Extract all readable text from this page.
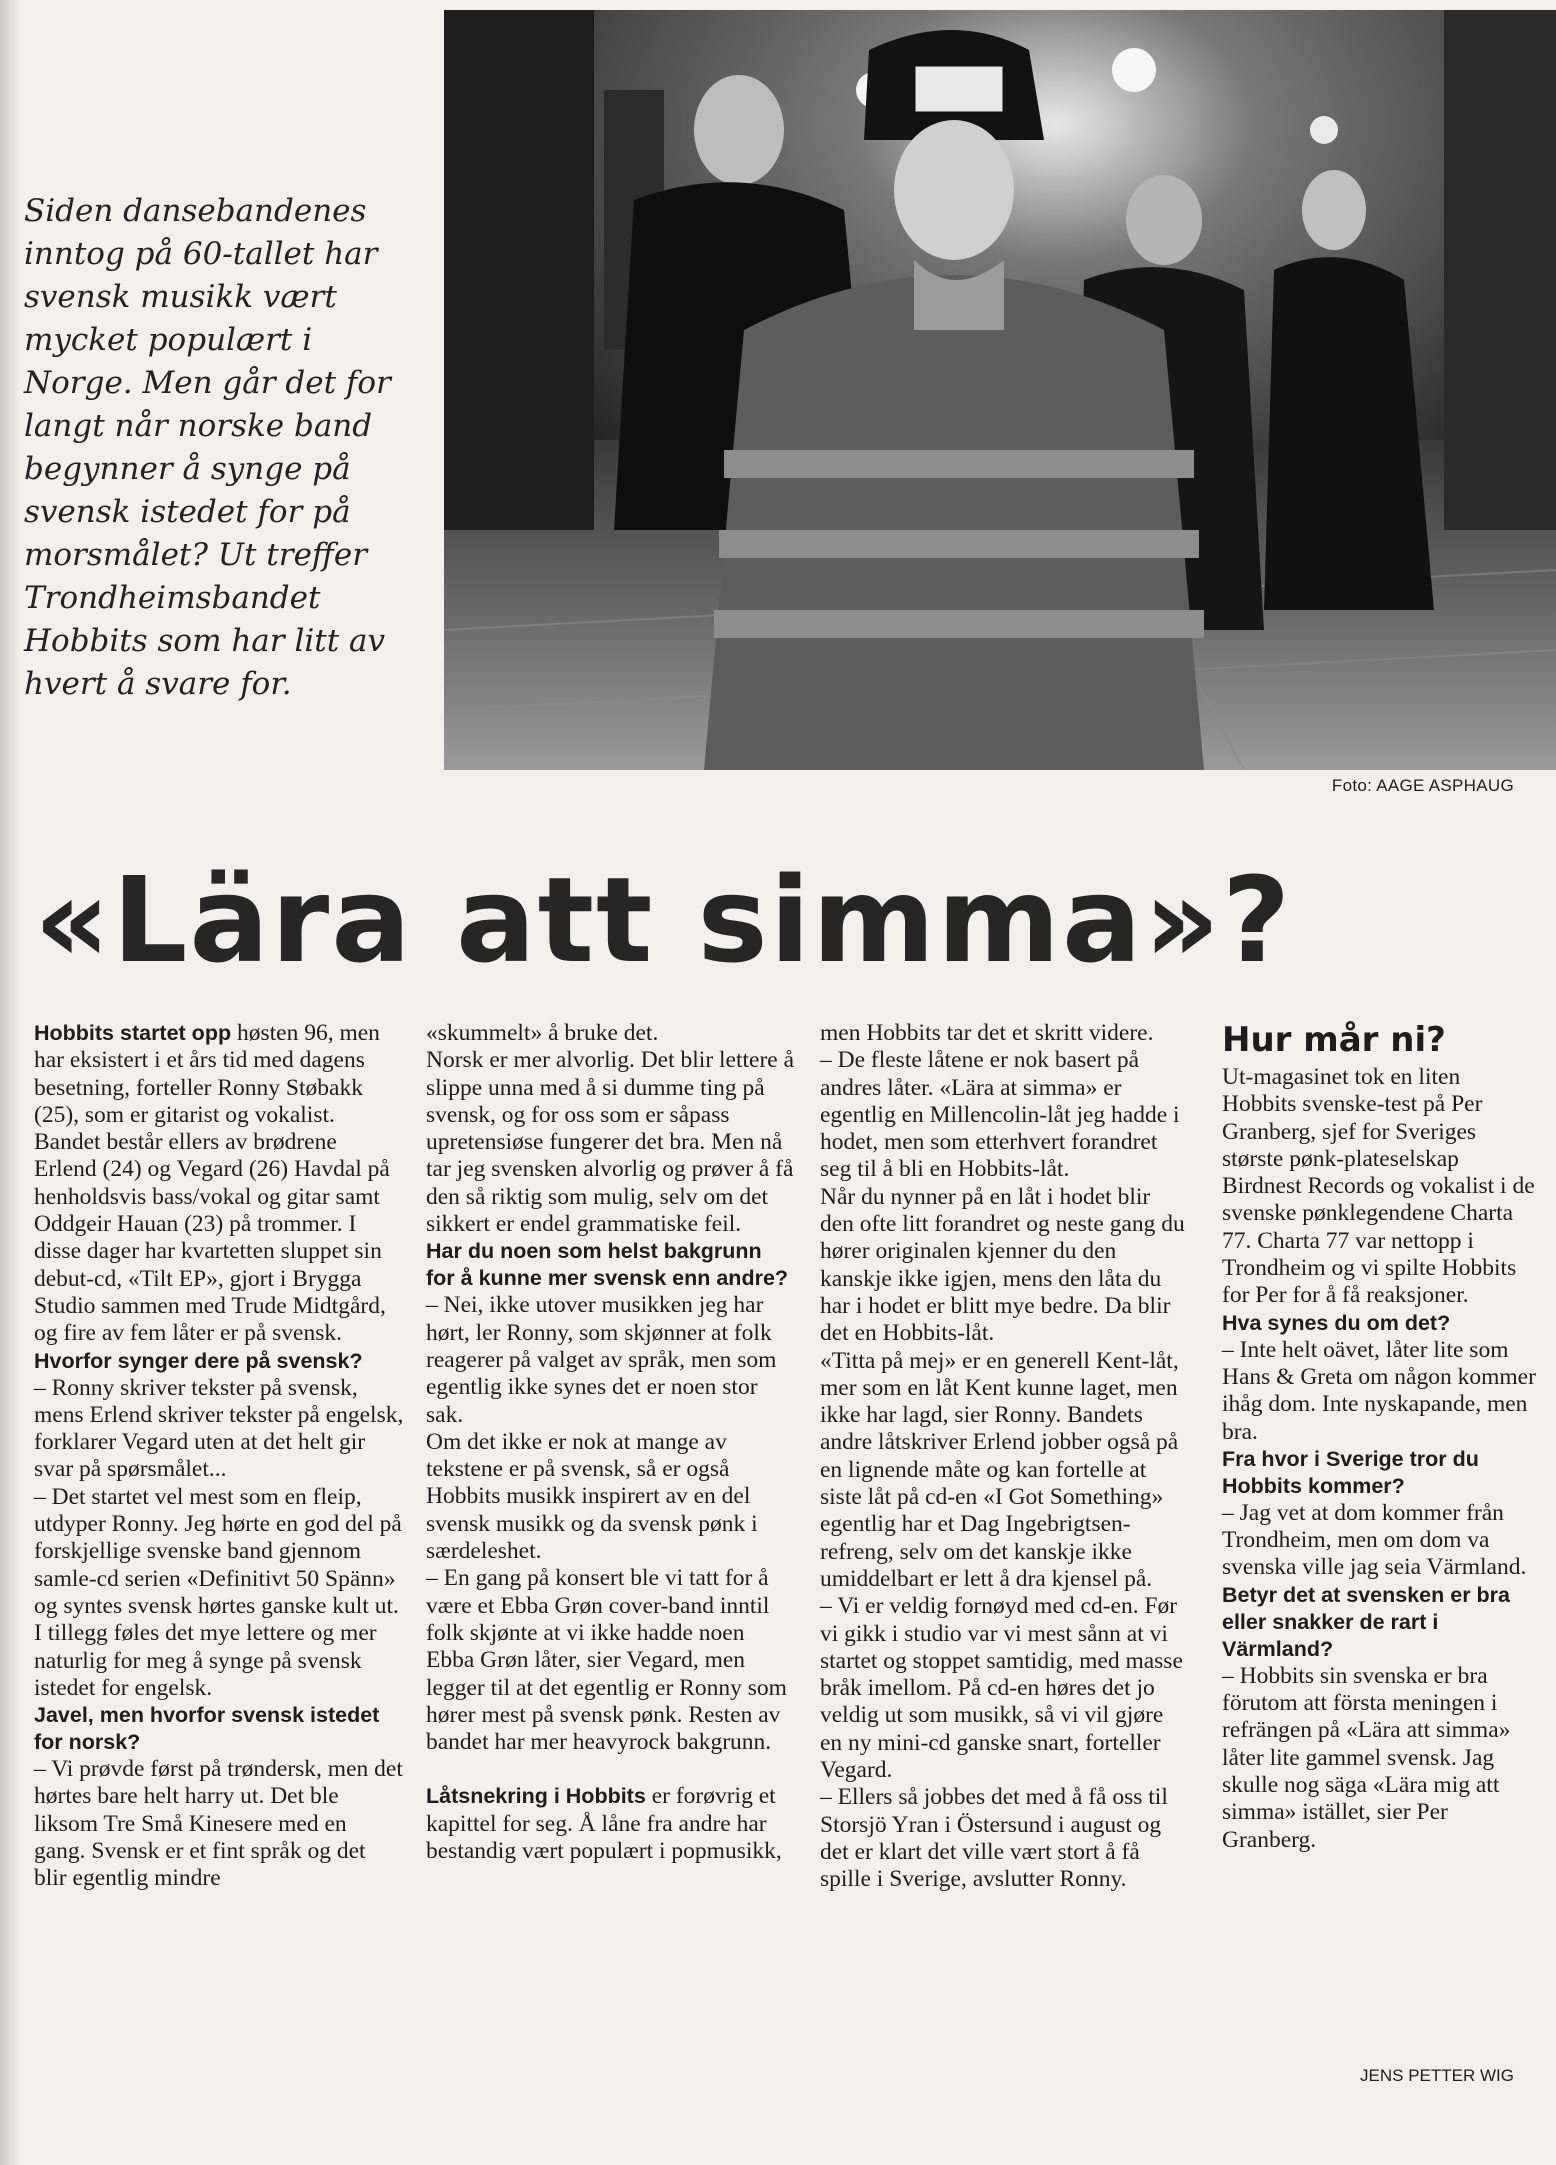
Foto: AAGE ASPHAUG
Siden dansebandenes inntog på 60-tallet har svensk musikk vært mycket populært i Norge. Men går det for langt når norske band begynner å synge på svensk istedet for på morsmålet? Ut treffer Trondheimsbandet Hobbits som har litt av hvert å svare for.
«Lära att simma»?

Hobbits startet opp høsten 96, men har eksistert i et års tid med dagens besetning, forteller Ronny Støbakk (25), som er gitarist og vokalist. Bandet består ellers av brødrene Erlend (24) og Vegard (26) Havdal på henholdsvis bass/vokal og gitar samt Oddgeir Hauan (23) på trommer. I disse dager har kvartetten sluppet sin debut-cd, «Tilt EP», gjort i Brygga Studio sammen med Trude Midtgård, og fire av fem låter er på svensk.

Hvorfor synger dere på svensk?

– Ronny skriver tekster på svensk, mens Erlend skriver tekster på engelsk, forklarer Vegard uten at det helt gir svar på spørsmålet...

– Det startet vel mest som en fleip, utdyper Ronny. Jeg hørte en god del på forskjellige svenske band gjennom samle-cd serien «Definitivt 50 Spänn» og syntes svensk hørtes ganske kult ut. I tillegg føles det mye lettere og mer naturlig for meg å synge på svensk istedet for engelsk.

Javel, men hvorfor svensk istedet for norsk?

– Vi prøvde først på trøndersk, men det hørtes bare helt harry ut. Det ble liksom Tre Små Kinesere med en gang. Svensk er et fint språk og det blir egentlig mindre

«skummelt» å bruke det.

Norsk er mer alvorlig. Det blir lettere å slippe unna med å si dumme ting på svensk, og for oss som er såpass upretensiøse fungerer det bra. Men nå tar jeg svensken alvorlig og prøver å få den så riktig som mulig, selv om det sikkert er endel grammatiske feil.

Har du noen som helst bakgrunn for å kunne mer svensk enn andre?

– Nei, ikke utover musikken jeg har hørt, ler Ronny, som skjønner at folk reagerer på valget av språk, men som egentlig ikke synes det er noen stor sak.

Om det ikke er nok at mange av tekstene er på svensk, så er også Hobbits musikk inspirert av en del svensk musikk og da svensk pønk i særdeleshet.

– En gang på konsert ble vi tatt for å være et Ebba Grøn cover-band inntil folk skjønte at vi ikke hadde noen Ebba Grøn låter, sier Vegard, men legger til at det egentlig er Ronny som hører mest på svensk pønk. Resten av bandet har mer heavyrock bakgrunn.

Låtsnekring i Hobbits er forøvrig et kapittel for seg. Å låne fra andre har bestandig vært populært i popmusikk,

men Hobbits tar det et skritt videre.

– De fleste låtene er nok basert på andres låter. «Lära at simma» er egentlig en Millencolin-låt jeg hadde i hodet, men som etterhvert forandret seg til å bli en Hobbits-låt.

Når du nynner på en låt i hodet blir den ofte litt forandret og neste gang du hører originalen kjenner du den kanskje ikke igjen, mens den låta du har i hodet er blitt mye bedre. Da blir det en Hobbits-låt.

«Titta på mej» er en generell Kent-låt, mer som en låt Kent kunne laget, men ikke har lagd, sier Ronny. Bandets andre låtskriver Erlend jobber også på en lignende måte og kan fortelle at siste låt på cd-en «I Got Something» egentlig har et Dag Ingebrigtsen-refreng, selv om det kanskje ikke umiddelbart er lett å dra kjensel på.

– Vi er veldig fornøyd med cd-en. Før vi gikk i studio var vi mest sånn at vi startet og stoppet samtidig, med masse bråk imellom. På cd-en høres det jo veldig ut som musikk, så vi vil gjøre en ny mini-cd ganske snart, forteller Vegard.

– Ellers så jobbes det med å få oss til Storsjö Yran i Östersund i august og det er klart det ville vært stort å få spille i Sverige, avslutter Ronny.

Hur mår ni?

Ut-magasinet tok en liten Hobbits svenske-test på Per Granberg, sjef for Sveriges største pønk-plateselskap Birdnest Records og vokalist i de svenske pønklegendene Charta 77. Charta 77 var nettopp i Trondheim og vi spilte Hobbits for Per for å få reaksjoner.

Hva synes du om det?

– Inte helt oävet, låter lite som Hans & Greta om någon kommer ihåg dom. Inte nyskapande, men bra.

Fra hvor i Sverige tror du Hobbits kommer?

– Jag vet at dom kommer från Trondheim, men om dom va svenska ville jag seia Värmland.

Betyr det at svensken er bra eller snakker de rart i Värmland?

– Hobbits sin svenska er bra förutom att första meningen i refrängen på «Lära att simma» låter lite gammel svensk. Jag skulle nog säga «Lära mig att simma» istället, sier Per Granberg.

JENS PETTER WIG
